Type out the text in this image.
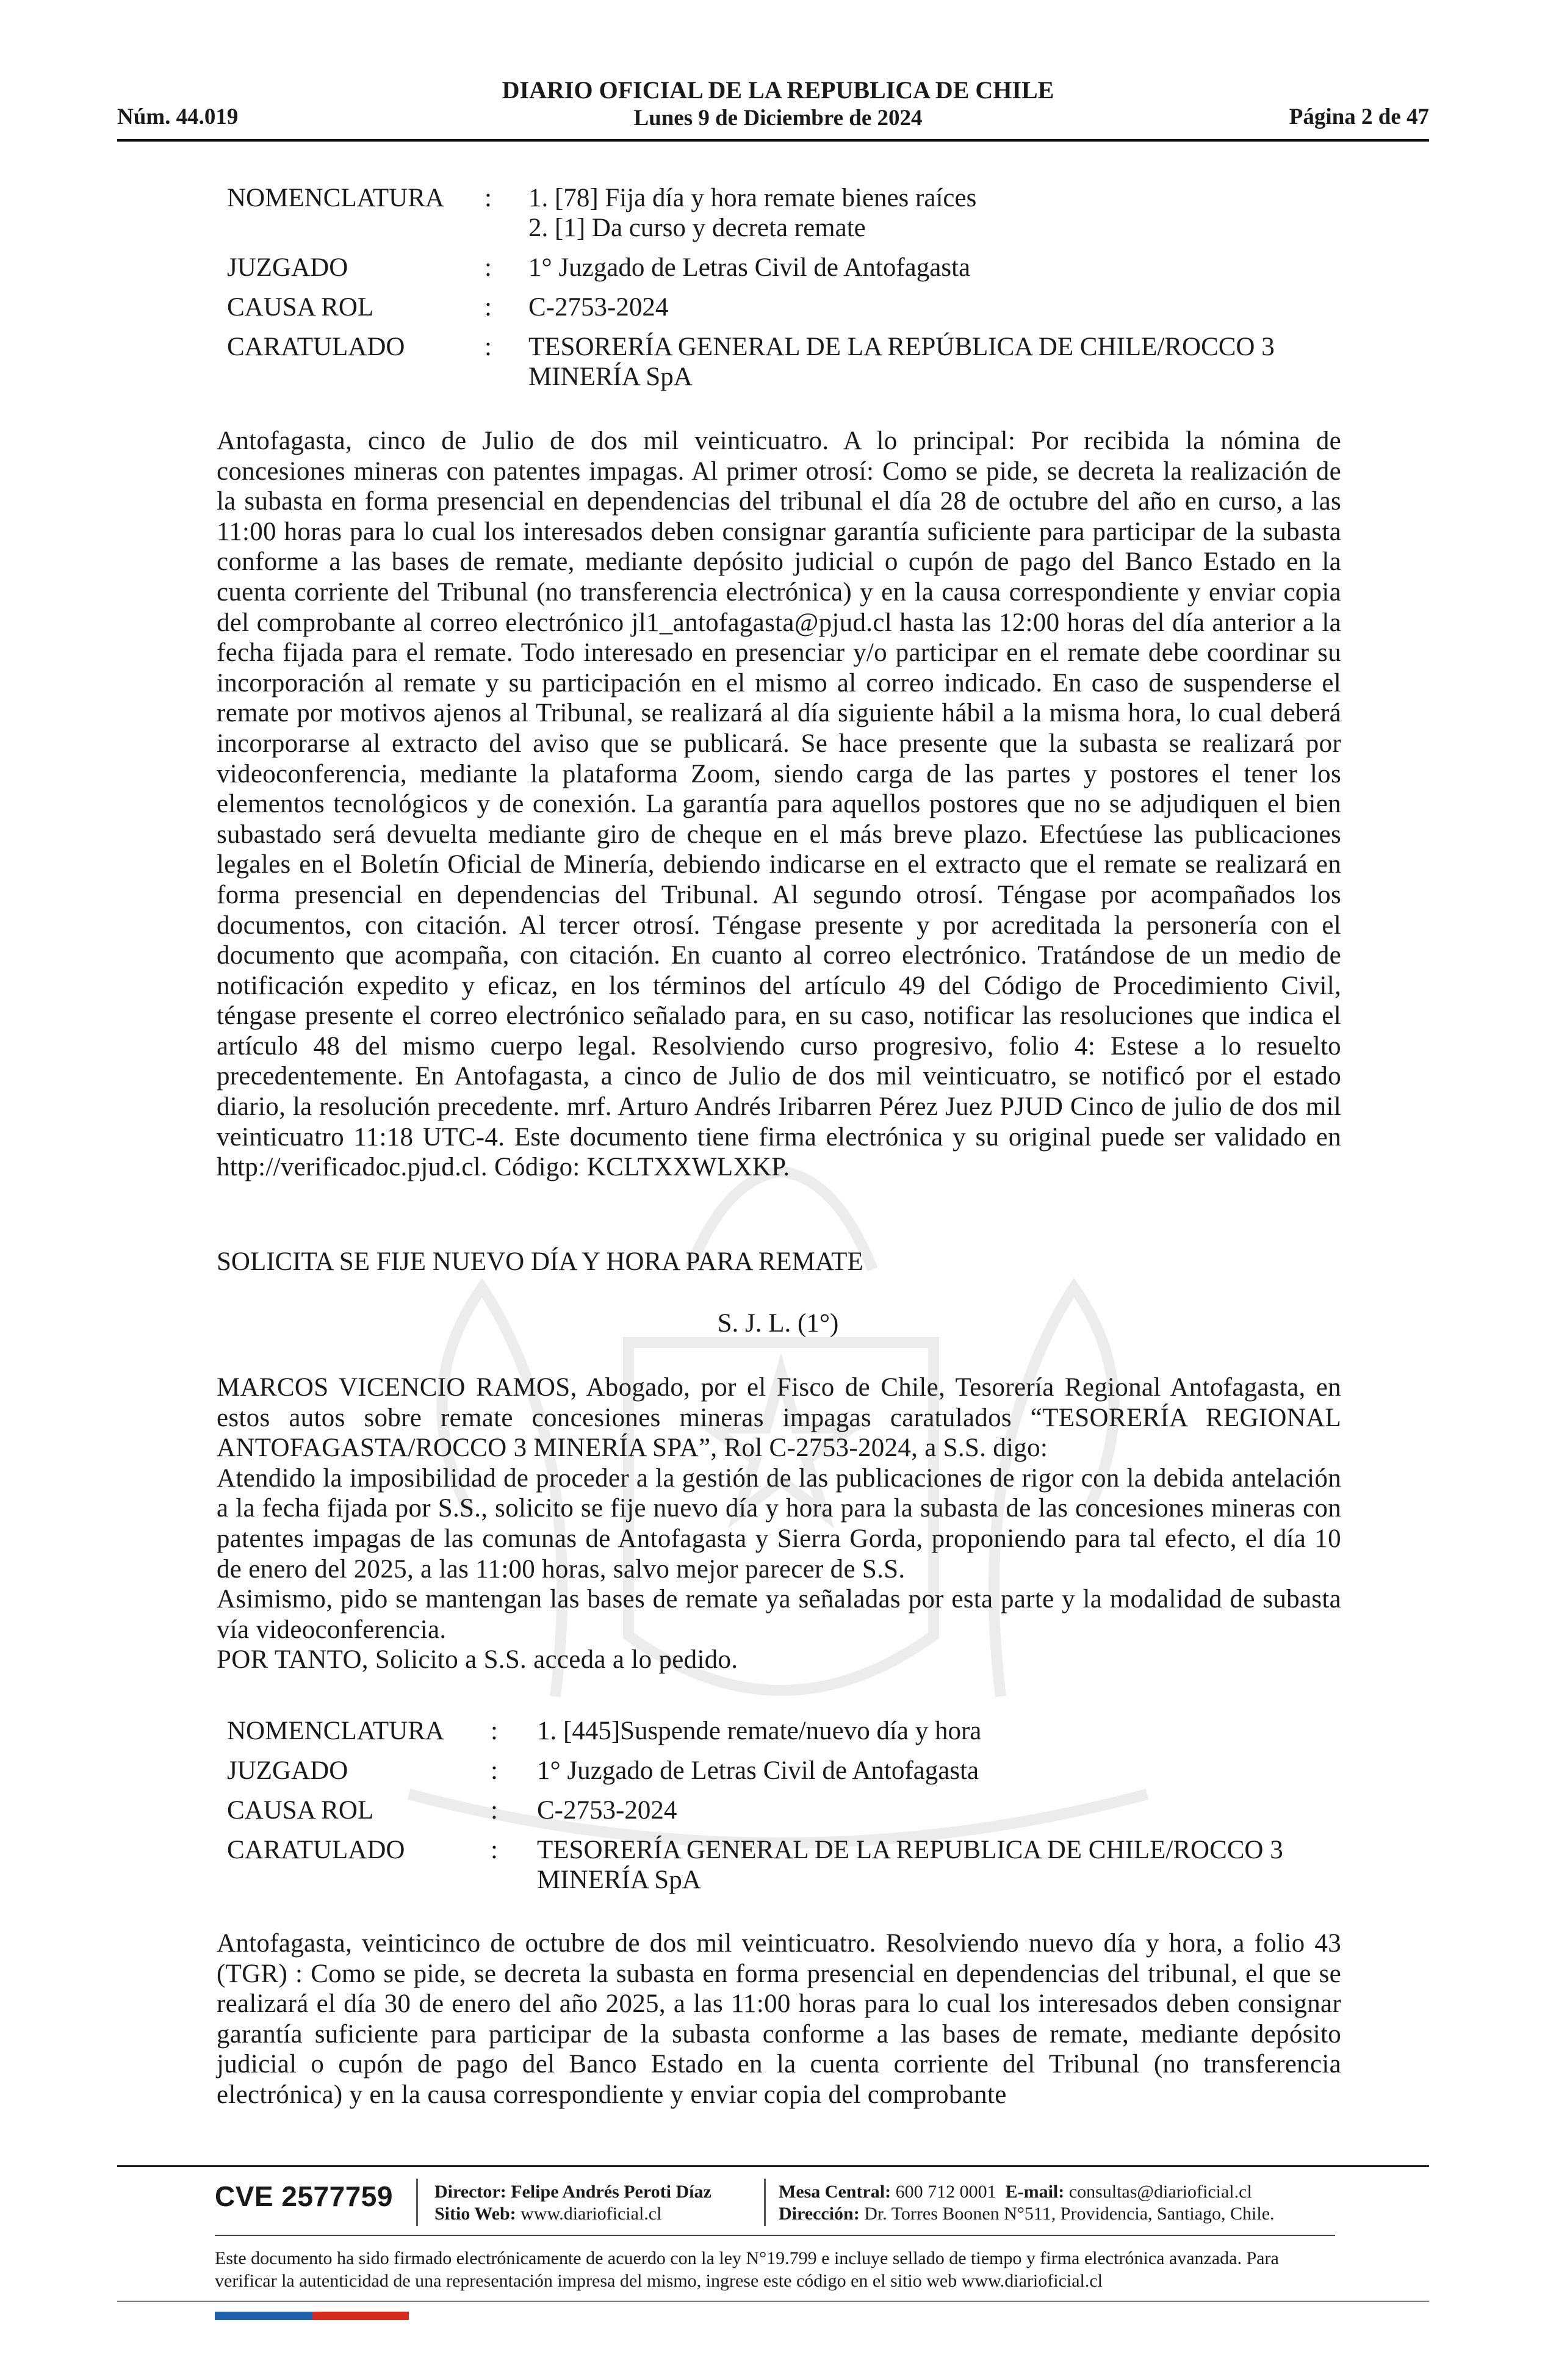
Núm. 44.019
DIARIO OFICIAL DE LA REPUBLICA DE CHILE
Lunes 9 de Diciembre de 2024	Página 2 de 47
NOMENCLATURA : 1. [78] Fija día y hora remate bienes raíces
2. [1] Da curso y decreta remate
JUZGADO	: 1° Juzgado de Letras Civil de Antofagasta
CAUSA ROL	: C-2753-2024
CARATULADO	: TESORERÍA GENERAL DE LA REPÚBLICA DE CHILE/ROCCO 3 MINERÍA SpA
Antofagasta, cinco de Julio de dos mil veinticuatro. A lo principal: Por recibida la nómina de concesiones mineras con patentes impagas. Al primer otrosí: Como se pide, se decreta la realización de la subasta en forma presencial en dependencias del tribunal el día 28 de octubre del año en curso, a las 11:00 horas para lo cual los interesados deben consignar garantía suficiente para participar de la subasta conforme a las bases de remate, mediante depósito judicial o cupón de pago del Banco Estado en la cuenta corriente del Tribunal (no transferencia electrónica) y en la causa correspondiente y enviar copia del comprobante al correo electrónico jl1_antofagasta@pjud.cl hasta las 12:00 horas del día anterior a la fecha fijada para el remate. Todo interesado en presenciar y/o participar en el remate debe coordinar su incorporación al remate y su participación en el mismo al correo indicado. En caso de suspenderse el remate por motivos ajenos al Tribunal, se realizará al día siguiente hábil a la misma hora, lo cual deberá incorporarse al extracto del aviso que se publicará. Se hace presente que la subasta se realizará por videoconferencia, mediante la plataforma Zoom, siendo carga de las partes y postores el tener los elementos tecnológicos y de conexión. La garantía para aquellos postores que no se adjudiquen el bien subastado será devuelta mediante giro de cheque en el más breve plazo. Efectúese las publicaciones legales en el Boletín Oficial de Minería, debiendo indicarse en el extracto que el remate se realizará en forma presencial en dependencias del Tribunal. Al segundo otrosí. Téngase por acompañados los documentos, con citación. Al tercer otrosí. Téngase presente y por acreditada la personería con el documento que acompaña, con citación. En cuanto al correo electrónico. Tratándose de un medio de notificación expedito y eficaz, en los términos del artículo 49 del Código de Procedimiento Civil, téngase presente el correo electrónico señalado para, en su caso, notificar las resoluciones que indica el artículo 48 del mismo cuerpo legal. Resolviendo curso progresivo, folio 4: Estese a lo resuelto precedentemente. En Antofagasta, a cinco de Julio de dos mil veinticuatro, se notificó por el estado diario, la resolución precedente. mrf. Arturo Andrés Iribarren Pérez Juez PJUD Cinco de julio de dos mil veinticuatro 11:18 UTC-4. Este documento tiene firma electrónica y su original puede ser validado en http://verificadoc.pjud.cl. Código: KCLTXXWLXKP.
SOLICITA SE FIJE NUEVO DÍA Y HORA PARA REMATE
S. J. L. (1°)
MARCOS VICENCIO RAMOS, Abogado, por el Fisco de Chile, Tesorería Regional Antofagasta, en estos autos sobre remate concesiones mineras impagas caratulados “TESORERÍA REGIONAL ANTOFAGASTA/ROCCO 3 MINERÍA SPA”, Rol C-2753-2024, a S.S. digo:
Atendido la imposibilidad de proceder a la gestión de las publicaciones de rigor con la debida antelación a la fecha fijada por S.S., solicito se fije nuevo día y hora para la subasta de las concesiones mineras con patentes impagas de las comunas de Antofagasta y Sierra Gorda, proponiendo para tal efecto, el día 10 de enero del 2025, a las 11:00 horas, salvo mejor parecer de S.S.
Asimismo, pido se mantengan las bases de remate ya señaladas por esta parte y la modalidad de subasta vía videoconferencia.
POR TANTO, Solicito a S.S. acceda a lo pedido.
NOMENCLATURA : 1. [445]Suspende remate/nuevo día y hora
JUZGADO	: 1° Juzgado de Letras Civil de Antofagasta
CAUSA ROL	: C-2753-2024
CARATULADO	: TESORERÍA GENERAL DE LA REPUBLICA DE CHILE/ROCCO 3 MINERÍA SpA
Antofagasta, veinticinco de octubre de dos mil veinticuatro. Resolviendo nuevo día y hora, a folio 43 (TGR) : Como se pide, se decreta la subasta en forma presencial en dependencias del tribunal, el que se realizará el día 30 de enero del año 2025, a las 11:00 horas para lo cual los interesados deben consignar garantía suficiente para participar de la subasta conforme a las bases de remate, mediante depósito judicial o cupón de pago del Banco Estado en la cuenta corriente del Tribunal (no transferencia electrónica) y en la causa correspondiente y enviar copia del comprobante
CVE 2577759 Director: Felipe Andrés Peroti Díaz
Sitio Web: www.diarioficial.cl
Mesa Central: 600 712 0001 E-mail: consultas@diarioficial.cl
Dirección: Dr. Torres Boonen N°511, Providencia, Santiago, Chile.
Este documento ha sido firmado electrónicamente de acuerdo con la ley N°19.799 e incluye sellado de tiempo y firma electrónica avanzada. Para verificar la autenticidad de una representación impresa del mismo, ingrese este código en el sitio web www.diarioficial.cl
